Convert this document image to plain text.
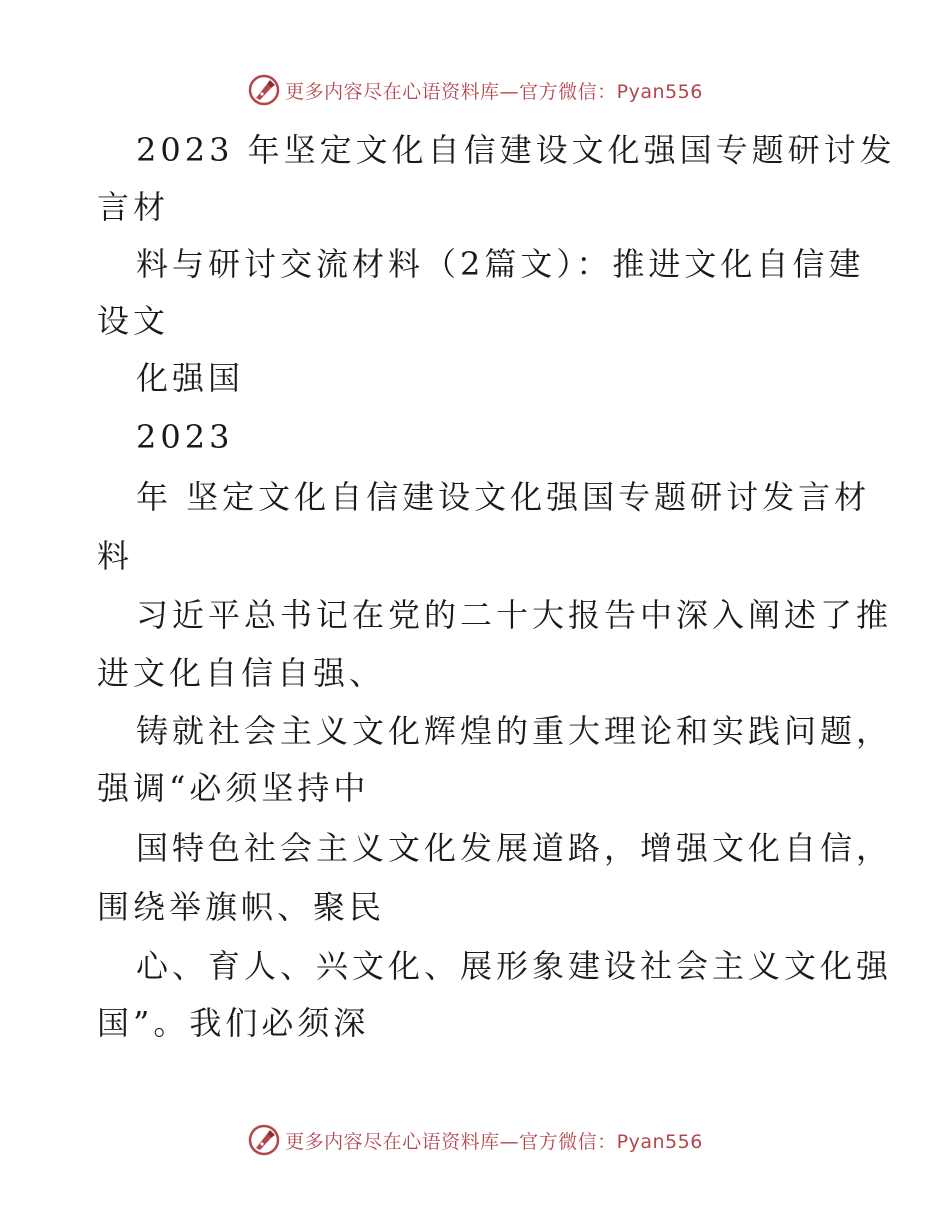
更多内容尽在心语资料库—官方微信：Pyan556
2023 年坚定文化自信建设文化强国专题研讨发
言材
料与研讨交流材料（2篇文）：推进文化自信建
设文
化强国
2023
年 坚定文化自信建设文化强国专题研讨发言材
料
习近平总书记在党的二十大报告中深入阐述了推
进文化自信自强、
铸就社会主义文化辉煌的重大理论和实践问题，
强调“必须坚持中
国特色社会主义文化发展道路，增强文化自信，
围绕举旗帜、聚民
心、育人、兴文化、展形象建设社会主义文化强
国”。我们必须深
更多内容尽在心语资料库—官方微信：Pyan556
